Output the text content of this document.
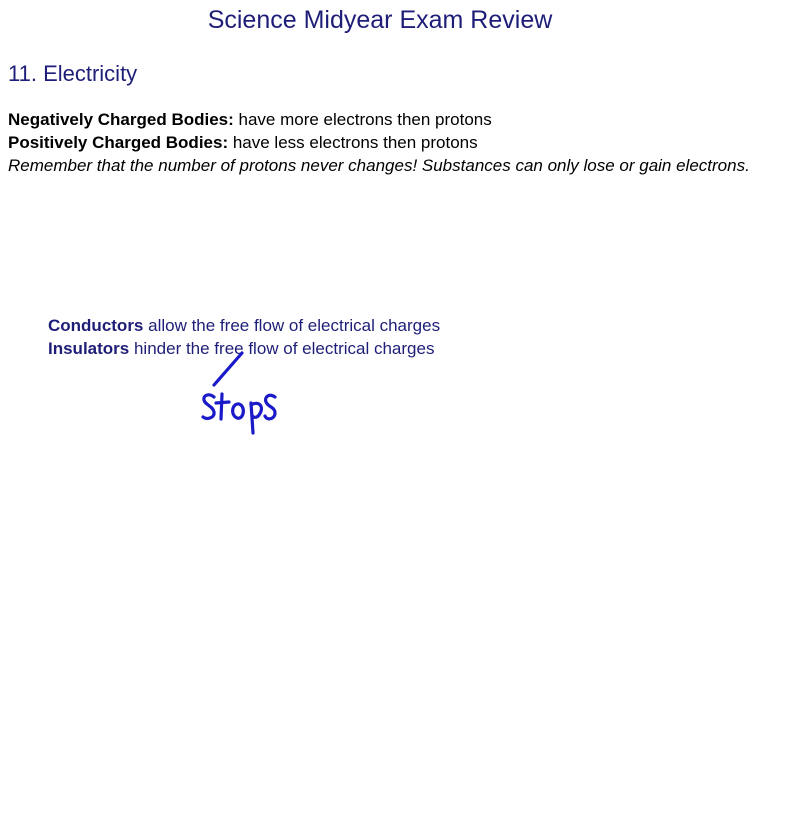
Science Midyear Exam Review
11. Electricity

Negatively Charged Bodies: have more electrons then protons

Positively Charged Bodies: have less electrons then protons

Remember that the number of protons never changes! Substances can only lose or gain electrons.

Conductors allow the free flow of electrical charges

Insulators hinder the free flow of electrical charges
